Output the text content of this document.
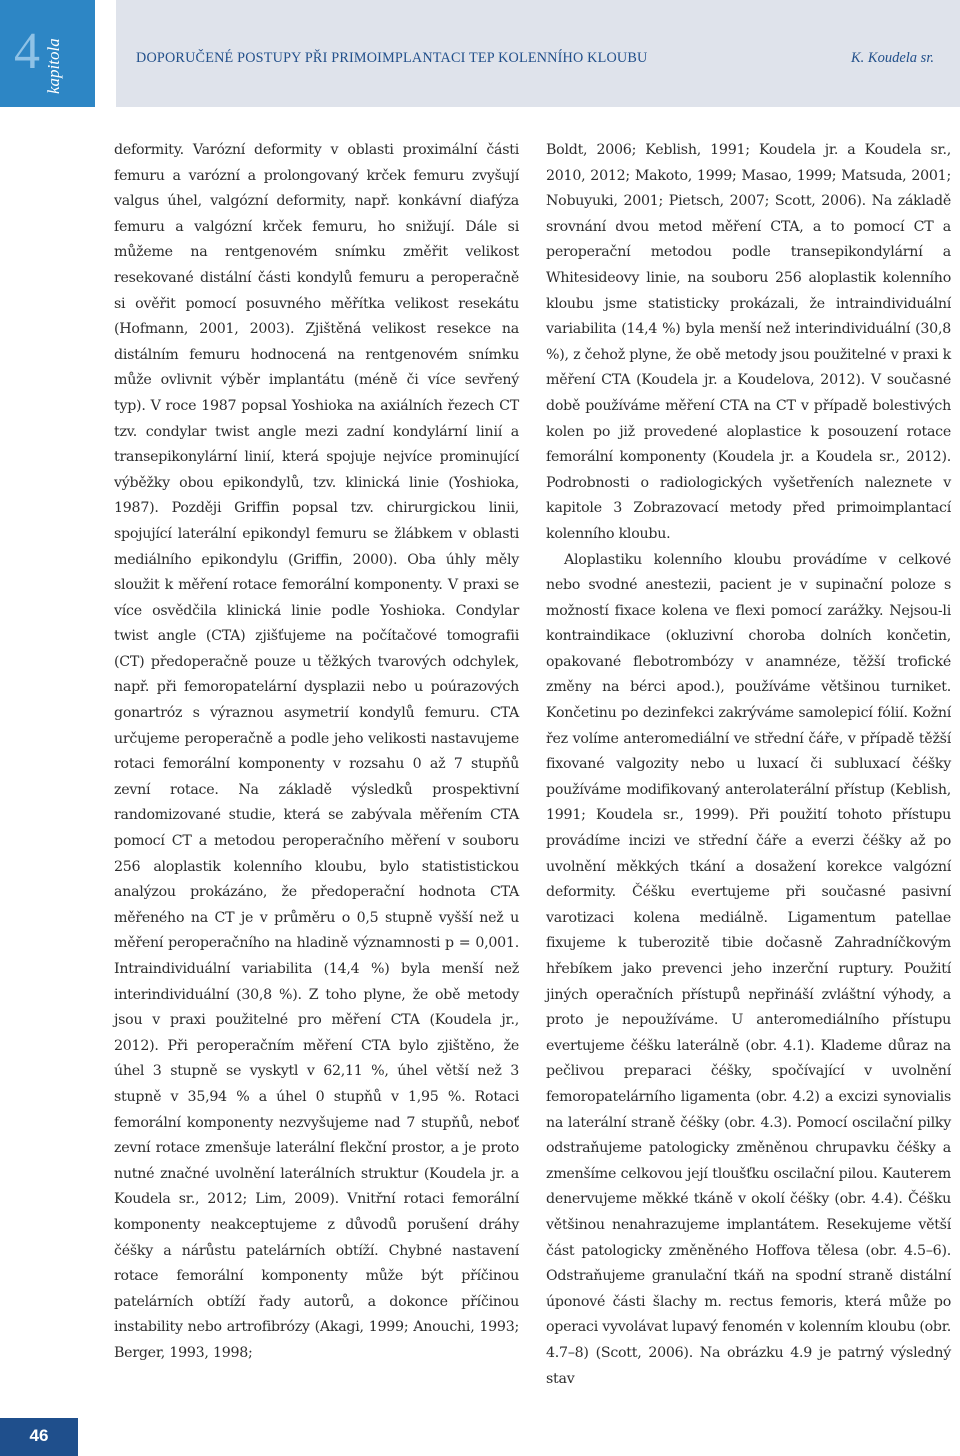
4 kapitola	DOPORUČENÉ POSTUPY PŘI PRIMOIMPLANTACI TEP KOLENNÍHO KLOUBU	K. Koudela sr.

deformity. Varózní deformity v oblasti proximální části femuru a varózní a prolongovaný krček femuru zvyšují valgus úhel, valgózní deformity, např. konkávní diafýza femuru a valgózní krček femuru, ho snižují. Dále si můžeme na rentgenovém snímku změřit velikost resekované distální části kondylů femuru a peroperačně si ověřit pomocí posuvného měřítka velikost resekátu (Hofmann, 2001, 2003). Zjištěná velikost resekce na distálním femuru hodnocená na rentgenovém snímku může ovlivnit výběr implantátu (méně či více sevřený typ). V roce 1987 popsal Yoshioka na axiálních řezech CT tzv. condylar twist angle mezi zadní kondylární linií a transepikonylární linií, která spojuje nejvíce prominující výběžky obou epikondylů, tzv. klinická linie (Yoshioka, 1987). Později Griffin popsal tzv. chirurgickou linii, spojující laterální epikondyl femuru se žlábkem v oblasti mediálního epikondylu (Griffin, 2000). Oba úhly měly sloužit k měření rotace femorální komponenty. V praxi se více osvědčila klinická linie podle Yoshioka. Condylar twist angle (CTA) zjišťujeme na počítačové tomografii (CT) předoperačně pouze u těžkých tvarových odchylek, např. při femoropatelární dysplazii nebo u poúrazových gonartróz s výraznou asymetrií kondylů femuru. CTA určujeme peroperačně a podle jeho velikosti nastavujeme rotaci femorální komponenty v rozsahu 0 až 7 stupňů zevní rotace. Na základě výsledků prospektivní randomizované studie, která se zabývala měřením CTA pomocí CT a metodou peroperačního měření v souboru 256 aloplastik kolenního kloubu, bylo statististickou analýzou prokázáno, že předoperační hodnota CTA měřeného na CT je v průměru o 0,5 stupně vyšší než u měření peroperačního na hladině významnosti p = 0,001. Intraindividuální variabilita (14,4 %) byla menší než interindividuální (30,8 %). Z toho plyne, že obě metody jsou v praxi použitelné pro měření CTA (Koudela jr., 2012). Při peroperačním měření CTA bylo zjištěno, že úhel 3 stupně se vyskytl v 62,11 %, úhel větší než 3 stupně v 35,94 % a úhel 0 stupňů v 1,95 %. Rotaci femorální komponenty nezvyšujeme nad 7 stupňů, neboť zevní rotace zmenšuje laterální flekční prostor, a je proto nutné značné uvolnění laterálních struktur (Koudela jr. a Koudela sr., 2012; Lim, 2009). Vnitřní rotaci femorální komponenty neakceptujeme z důvodů porušení dráhy čéšky a nárůstu patelárních obtíží. Chybné nastavení rotace femorální komponenty může být příčinou patelárních obtíží řady autorů, a dokonce příčinou instability nebo artrofibrózy (Akagi, 1999; Anouchi, 1993; Berger, 1993, 1998;

Boldt, 2006; Keblish, 1991; Koudela jr. a Koudela sr., 2010, 2012; Makoto, 1999; Masao, 1999; Matsuda, 2001; Nobuyuki, 2001; Pietsch, 2007; Scott, 2006). Na základě srovnání dvou metod měření CTA, a to pomocí CT a peroperační metodou podle transepikondylární a Whitesideovy linie, na souboru 256 aloplastik kolenního kloubu jsme statisticky prokázali, že intraindividuální variabilita (14,4 %) byla menší než interindividuální (30,8 %), z čehož plyne, že obě metody jsou použitelné v praxi k měření CTA (Koudela jr. a Koudelova, 2012). V současné době používáme měření CTA na CT v případě bolestivých kolen po již provedené aloplastice k posouzení rotace femorální komponenty (Koudela jr. a Koudela sr., 2012). Podrobnosti o radiologických vyšetřeních naleznete v kapitole 3 Zobrazovací metody před primoimplantací kolenního kloubu.

Aloplastiku kolenního kloubu provádíme v celkové nebo svodné anestezii, pacient je v supinační poloze s možností fixace kolena ve flexi pomocí zarážky. Nejsou-li kontraindikace (okluzivní choroba dolních končetin, opakované flebotrombózy v anamnéze, těžší trofické změny na bérci apod.), používáme většinou turniket. Končetinu po dezinfekci zakrýváme samolepicí fólií. Kožní řez volíme anteromediální ve střední čáře, v případě těžší fixované valgozity nebo u luxací či subluxací čéšky používáme modifikovaný anterolaterální přístup (Keblish, 1991; Koudela sr., 1999). Při použití tohoto přístupu provádíme incizi ve střední čáře a everzi čéšky až po uvolnění měkkých tkání a dosažení korekce valgózní deformity. Čéšku evertujeme při současné pasivní varotizaci kolena mediálně. Ligamentum patellae fixujeme k tuberozitě tibie dočasně Zahradníčkovým hřebíkem jako prevenci jeho inzerční ruptury. Použití jiných operačních přístupů nepřináší zvláštní výhody, a proto je nepoužíváme. U anteromediálního přístupu evertujeme čéšku laterálně (obr. 4.1). Klademe důraz na pečlivou preparaci čéšky, spočívající v uvolnění femoropatelárního ligamenta (obr. 4.2) a excizi synovialis na laterální straně čéšky (obr. 4.3). Pomocí oscilační pilky odstraňujeme patologicky změněnou chrupavku čéšky a zmenšíme celkovou její tloušťku oscilační pilou. Kauterem denervujeme měkké tkáně v okolí čéšky (obr. 4.4). Čéšku většinou nenahrazujeme implantátem. Resekujeme větší část patologicky změněného Hoffova tělesa (obr. 4.5–6). Odstraňujeme granulační tkáň na spodní straně distální úponové části šlachy m. rectus femoris, která může po operaci vyvolávat lupavý fenomén v kolenním kloubu (obr. 4.7–8) (Scott, 2006). Na obrázku 4.9 je patrný výsledný stav

46
